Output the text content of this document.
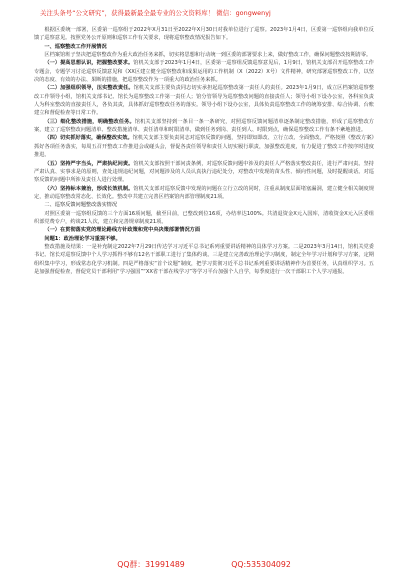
关注头条号“公文研究”，获得最新最全最专业的公文资料库！ 微信：gongwenyj

根据区委统一部署，区委第一巡察组于2022年X月31日至2022年X月30日对我单位进行了巡察。2023年1月4日，区委第一巡察组向我单位反馈了巡察意见。按照党务公开原则和巡察工作有关要求，现将巡察整改情况报告如下。

一、巡察整改工作开展情况

区档案馆班子坚决把巡察整改作为重大政治任务来抓，切实将思想和行动统一到区委的部署要求上来，做好整改工作，确保问题整改按期清零。

（一）提高思想认识，把握整改要求。馆机关支部于2023年1月4日，区委第一巡察组反馈巡察意见后，1月9日，馆机关支部召开巡察整改工作专题会，专题学习讨论巡察反馈意见和《XX区建立健全巡察整改和成果运用的工作机制（X（2022）X号）文件精神，研究部署巡察整改工作，以坚决的态度、有效的办法、果断的措施，把巡察整改作为一项重大的政治任务来抓。

（二）加强组织领导，压实整改责任。馆机关支部主要负责同志切实承担起巡察整改第一责任人的责任。2023年1月9日，成立区档案馆巡察整改工作领导小组，馆机关支部书记、馆长为巡察整改工作第一责任人；馆分管领导为巡察整改问题的直接责任人；领导小组下设办公室，各科室负责人为科室整改的直接责任人，各负其责，具体抓好巡察整改任务的落实。领导小组下设办公室，具体负责巡察整改工作的统筹安排、综合协调、台账建立和督促检查等日常工作。

（三）细化整改措施，明确整改任务。馆机关支部坚持到一条目一条一条研究，对照巡察反馈问题清单逐条制定整改措施，形成了巡察整改方案，建立了巡察整改问题清单、整改措施清单、责任清单和时限清单，做到任务到岗、责任到人、时限到点，确保巡察整改工作有条不紊地推进。

（四）切实抓好落实，确保整改实效。馆机关支部主要负责同志对巡察反馈的问题，坚持即知即改、立行立改、全面整改。严格按照《整改方案》抓好各项任务落实，每周五召开整改工作推进会或碰头会，督促各责任领导和责任人切实履行职责，加强整改进度，有力促进了整改工作按序时进度推进。

（五）坚持严字当头，严肃执纪问责。馆机关支部按照干部问责条例，对巡察反馈问题中涉及的责任人严格落实整改责任，进行严肃问责。坚持严肃认真、实事求是的原则，查处违规违纪问题，对问题涉及的人员认真执行违纪处分，对整改中发现的苗头性、倾向性问题，及时提醒谈话。对巡察反馈的问题中所涉及责任人进行处理。

（六）坚持标本兼治，形成长效机制。馆机关支部对巡察反馈中发现的问题在立行立改的同时，注重从制度层面堵塞漏洞，建立健全相关制度规定，推动巡察整改常态化、长效化。整改中共建立完善区档案馆内部管理制度21项。

二、巡察反馈问题整改落实情况

对照区委第一巡察组反馈的三个方面16项问题，截至目前，已整改到位16项，办结率达100%。共清退资金X元入国库，清收资金X元入区委组织部党费专户，约谈21人次，建立和完善规章制度21项。

（一）在贯彻落实党的理论路线方针政策和党中央决策部署情况方面

问题1：政治理论学习重视不够。

整改措施及结果：一是补充制定2022年7月29日传达学习习近平总书记系列重要讲话精神的具体学习方案。二是2023年3月14日，馆机关党委书记、馆长对巡察反馈中个人学习抓得不够有12名干部职工进行了集体约谈。三是建立完善政治理论学习制度，制定全年学习计划和学习方案，定期组织集中学习，形成常态化学习机制。四是严格落实“首个议题”制度，把学习贯彻习近平总书记系列重要讲话精神作为首要任务，认真组织学习。五是加强督促检查，督促党员干部利用“学习强国”“XX省干部在线学习”等学习平台加强个人自学，每季度进行一次干部职工个人学习通报。

QQ群：31991489	QQ:535304092
